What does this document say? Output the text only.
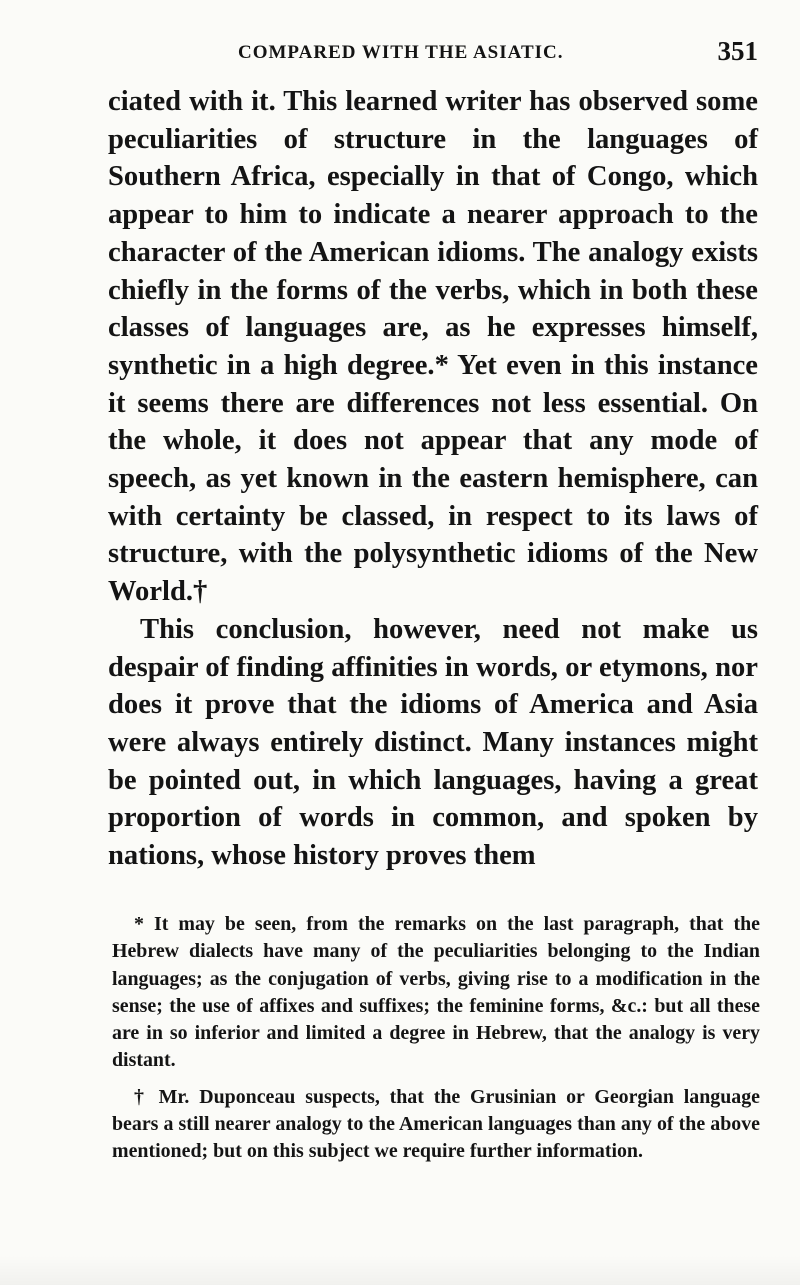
COMPARED WITH THE ASIATIC.	351

ciated with it. This learned writer has observed some peculiarities of structure in the languages of Southern Africa, especially in that of Congo, which appear to him to indicate a nearer approach to the character of the American idioms. The analogy exists chiefly in the forms of the verbs, which in both these classes of languages are, as he expresses himself, synthetic in a high degree.* Yet even in this instance it seems there are differences not less essential. On the whole, it does not appear that any mode of speech, as yet known in the eastern hemisphere, can with certainty be classed, in respect to its laws of structure, with the polysynthetic idioms of the New World.†

This conclusion, however, need not make us despair of finding affinities in words, or etymons, nor does it prove that the idioms of America and Asia were always entirely distinct. Many instances might be pointed out, in which languages, having a great proportion of words in common, and spoken by nations, whose history proves them

* It may be seen, from the remarks on the last paragraph, that the Hebrew dialects have many of the peculiarities belonging to the Indian languages; as the conjugation of verbs, giving rise to a modification in the sense; the use of affixes and suffixes; the feminine forms, &c.: but all these are in so inferior and limited a degree in Hebrew, that the analogy is very distant.

† Mr. Duponceau suspects, that the Grusinian or Georgian language bears a still nearer analogy to the American languages than any of the above mentioned; but on this subject we require further information.
